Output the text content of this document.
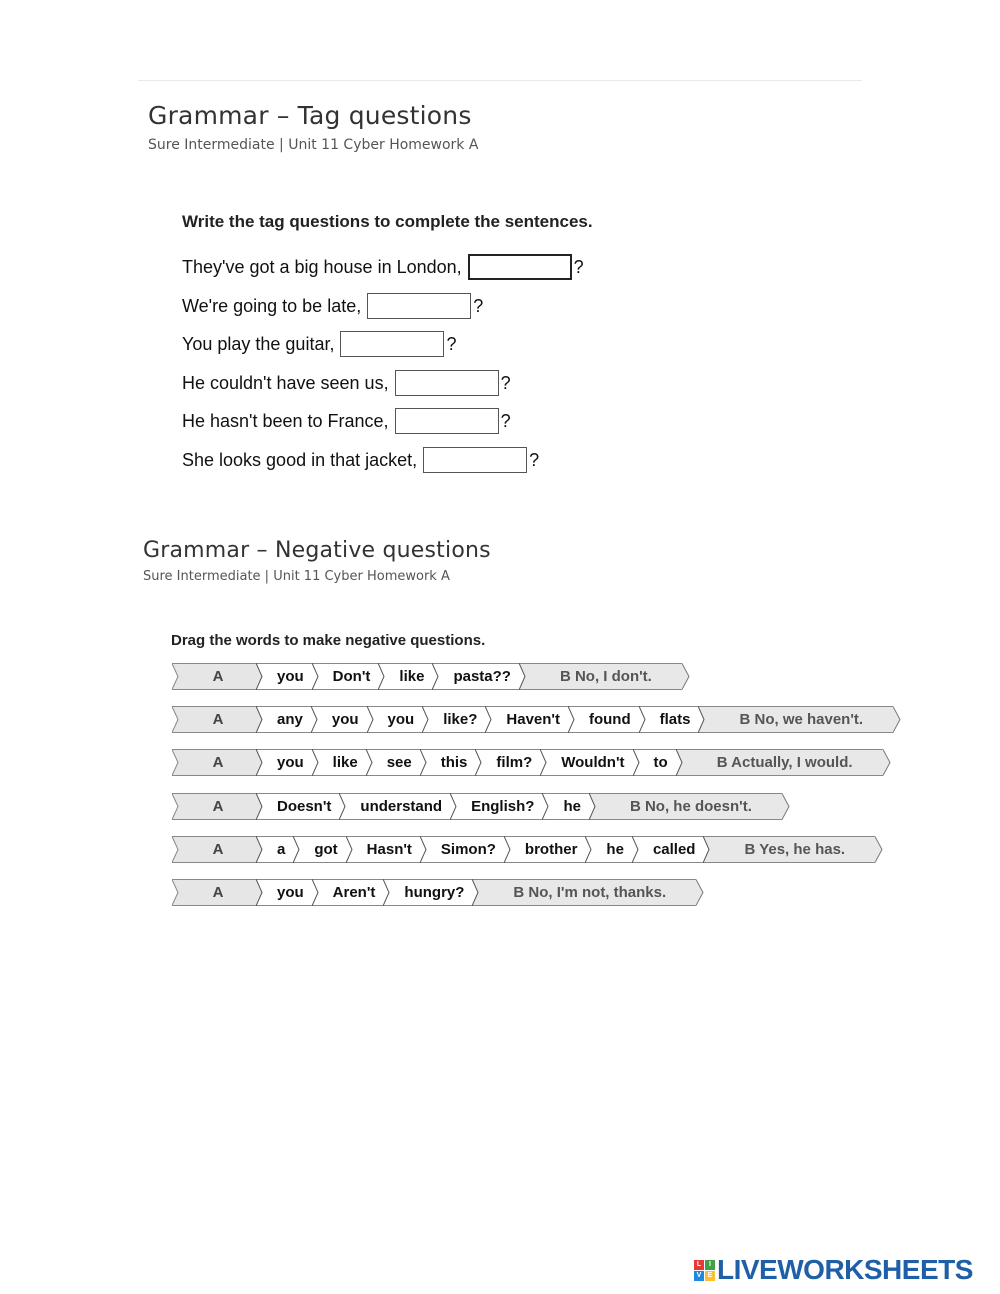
Grammar – Tag questions
Sure Intermediate | Unit 11 Cyber Homework A
Write the tag questions to complete the sentences.
They've got a big house in London,	?
We're going to be late,	?
You play the guitar,	?
He couldn't have seen us,	?
He hasn't been to France,	?
She looks good in that jacket,	?
Grammar – Negative questions
Sure Intermediate | Unit 11 Cyber Homework A
Drag the words to make negative questions.
A	you	Don't	like	pasta??	B No, I don't.
A	any	you	you	like?	Haven't	found	flats	B No, we haven't.
A	you	like	see	this	film?	Wouldn't	to	B Actually, I would.
A	Doesn't	understand	English?	he	B No, he doesn't.
A	a	got	Hasn't	Simon?	brother	he	called	B Yes, he has.
A	you	Aren't	hungry?	B No, I'm not, thanks.
L	I
V E LIVEWORKSHEETS
